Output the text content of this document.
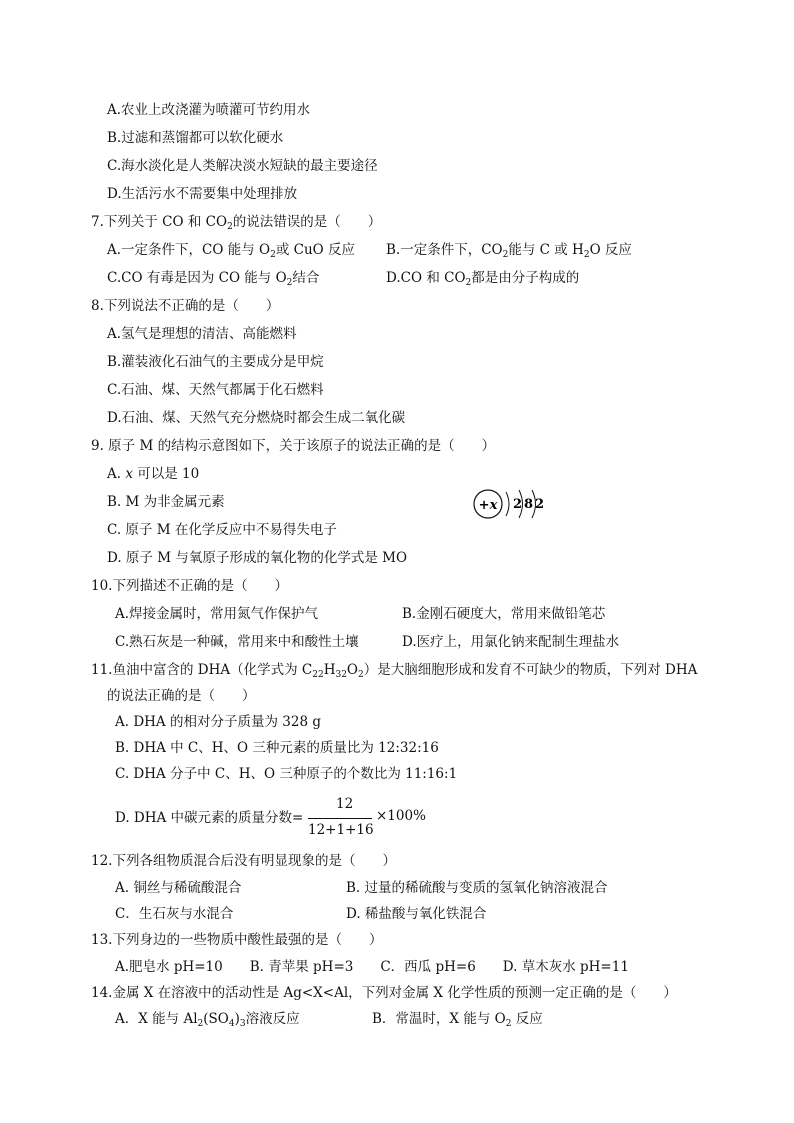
A.农业上改浇灌为喷灌可节约用水
B.过滤和蒸馏都可以软化硬水
C.海水淡化是人类解决淡水短缺的最主要途径
D.生活污水不需要集中处理排放
7.下列关于 CO 和 $CO_2$的说法错误的是（　　）
A.一定条件下，CO 能与 $O_2$或 CuO 反应 B.一定条件下，$CO_2$能与 C 或 $H_2O$ 反应
C.CO 有毒是因为 CO 能与 $O_2$结合	D.CO 和 $CO_2$都是由分子构成的
8.下列说法不正确的是（　　）
A.氢气是理想的清洁、高能燃料
B.灌装液化石油气的主要成分是甲烷
C.石油、煤、天然气都属于化石燃料
D.石油、煤、天然气充分燃烧时都会生成二氧化碳
9. 原子 M 的结构示意图如下，关于该原子的说法正确的是（　　）
A. x 可以是 10
B. M 为非金属元素
C. 原子 M 在化学反应中不易得失电子
D. 原子 M 与氧原子形成的氧化物的化学式是 MO
+x 2 8 2
10.下列描述不正确的是（　　）
A.焊接金属时，常用氮气作保护气	B.金刚石硬度大，常用来做铅笔芯
C.熟石灰是一种碱，常用来中和酸性土壤	D.医疗上，用氯化钠来配制生理盐水
11.鱼油中富含的 DHA（化学式为 $C_{22}H_{32}O_2$）是大脑细胞形成和发育不可缺少的物质，下列对 DHA
的说法正确的是（　　）
A. DHA 的相对分子质量为 328 g
B. DHA 中 C、H、O 三种元素的质量比为 12:32:16
C. DHA 分子中 C、H、O 三种原子的个数比为 11:16:1
D. DHA 中碳元素的质量分数=
12
12+1+16
×100%
12.下列各组物质混合后没有明显现象的是（　　）
A. 铜丝与稀硫酸混合	B. 过量的稀硫酸与变质的氢氧化钠溶液混合
C．生石灰与水混合	D. 稀盐酸与氧化铁混合
13.下列身边的一些物质中酸性最强的是（　　）
A.肥皂水 pH=10　　B. 青苹果 pH=3　　C．西瓜 pH=6　　D. 草木灰水 pH=11
14.金属 X 在溶液中的活动性是 Ag<X<Al，下列对金属 X 化学性质的预测一定正确的是（　　）
A．X 能与 $Al_2(SO_4)_3$溶液反应	B．常温时，X 能与 $O_2$ 反应
